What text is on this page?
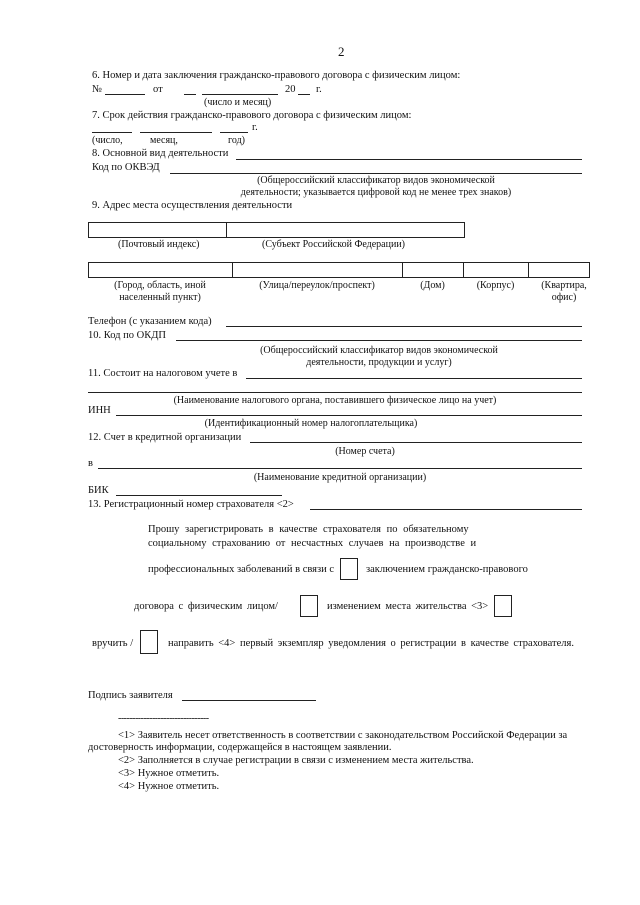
2
6. Номер и дата заключения гражданско-правового договора с физическим лицом:
№	от	20 г.
(число и месяц)
7. Срок действия гражданско-правового договора с физическим лицом:
г.
(число,	месяц,	год)
8. Основной вид деятельности
Код по ОКВЭД
(Общероссийский классификатор видов экономической
деятельности; указывается цифровой код не менее трех знаков)
9. Адрес места осуществления деятельности
(Почтовый индекс)	(Субъект Российской Федерации)
(Город, область, иной
населенный пункт)
(Улица/переулок/проспект)	(Дом)	(Корпус)	(Квартира,
офис)
Телефон (с указанием кода)
10. Код по ОКДП
(Общероссийский классификатор видов экономической
деятельности, продукции и услуг)
11. Состоит на налоговом учете в
(Наименование налогового органа, поставившего физическое лицо на учет)
ИНН
(Идентификационный номер налогоплательщика)
12. Счет в кредитной организации
(Номер счета)
в
(Наименование кредитной организации)
БИК
13. Регистрационный номер страхователя <2>
Прошу зарегистрировать в качестве страхователя по обязательному
социальному страхованию от несчастных случаев на производстве и
профессиональных заболеваний в связи с	заключением гражданско-правового
договора с физическим лицом/	изменением места жительства <3>
вручить /	направить <4> первый экземпляр уведомления о регистрации в качестве страхователя.
Подпись заявителя
--------------------------------
<1> Заявитель несет ответственность в соответствии с законодательством Российской Федерации за
достоверность информации, содержащейся в настоящем заявлении.
<2> Заполняется в случае регистрации в связи с изменением места жительства.
<3> Нужное отметить.
<4> Нужное отметить.
